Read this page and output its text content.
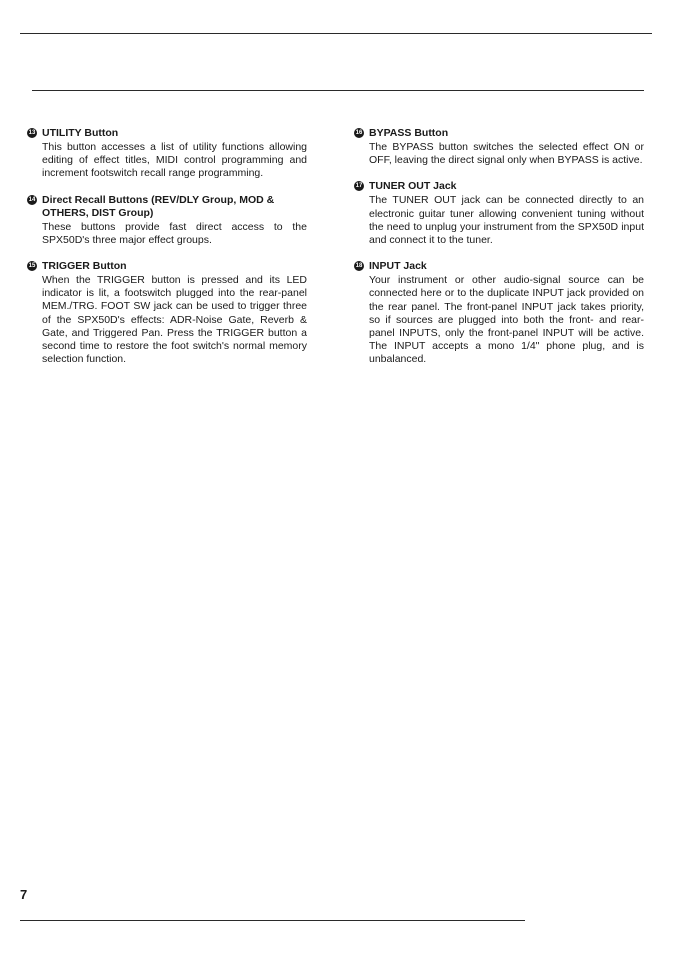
13 UTILITY Button
This button accesses a list of utility functions allowing editing of effect titles, MIDI control programming and increment footswitch recall range programming.
14 Direct Recall Buttons (REV/DLY Group, MOD & OTHERS, DIST Group)
These buttons provide fast direct access to the SPX50D's three major effect groups.
15 TRIGGER Button
When the TRIGGER button is pressed and its LED indicator is lit, a footswitch plugged into the rear-panel MEM./TRG. FOOT SW jack can be used to trigger three of the SPX50D's effects: ADR-Noise Gate, Reverb & Gate, and Triggered Pan. Press the TRIGGER button a second time to restore the foot switch's normal memory selection function.
16 BYPASS Button
The BYPASS button switches the selected effect ON or OFF, leaving the direct signal only when BYPASS is active.
17 TUNER OUT Jack
The TUNER OUT jack can be connected directly to an electronic guitar tuner allowing convenient tuning without the need to unplug your instrument from the SPX50D input and connect it to the tuner.
18 INPUT Jack
Your instrument or other audio-signal source can be connected here or to the duplicate INPUT jack provided on the rear panel. The front-panel INPUT jack takes priority, so if sources are plugged into both the front- and rear-panel INPUTS, only the front-panel INPUT will be active. The INPUT accepts a mono 1/4" phone plug, and is unbalanced.
7
